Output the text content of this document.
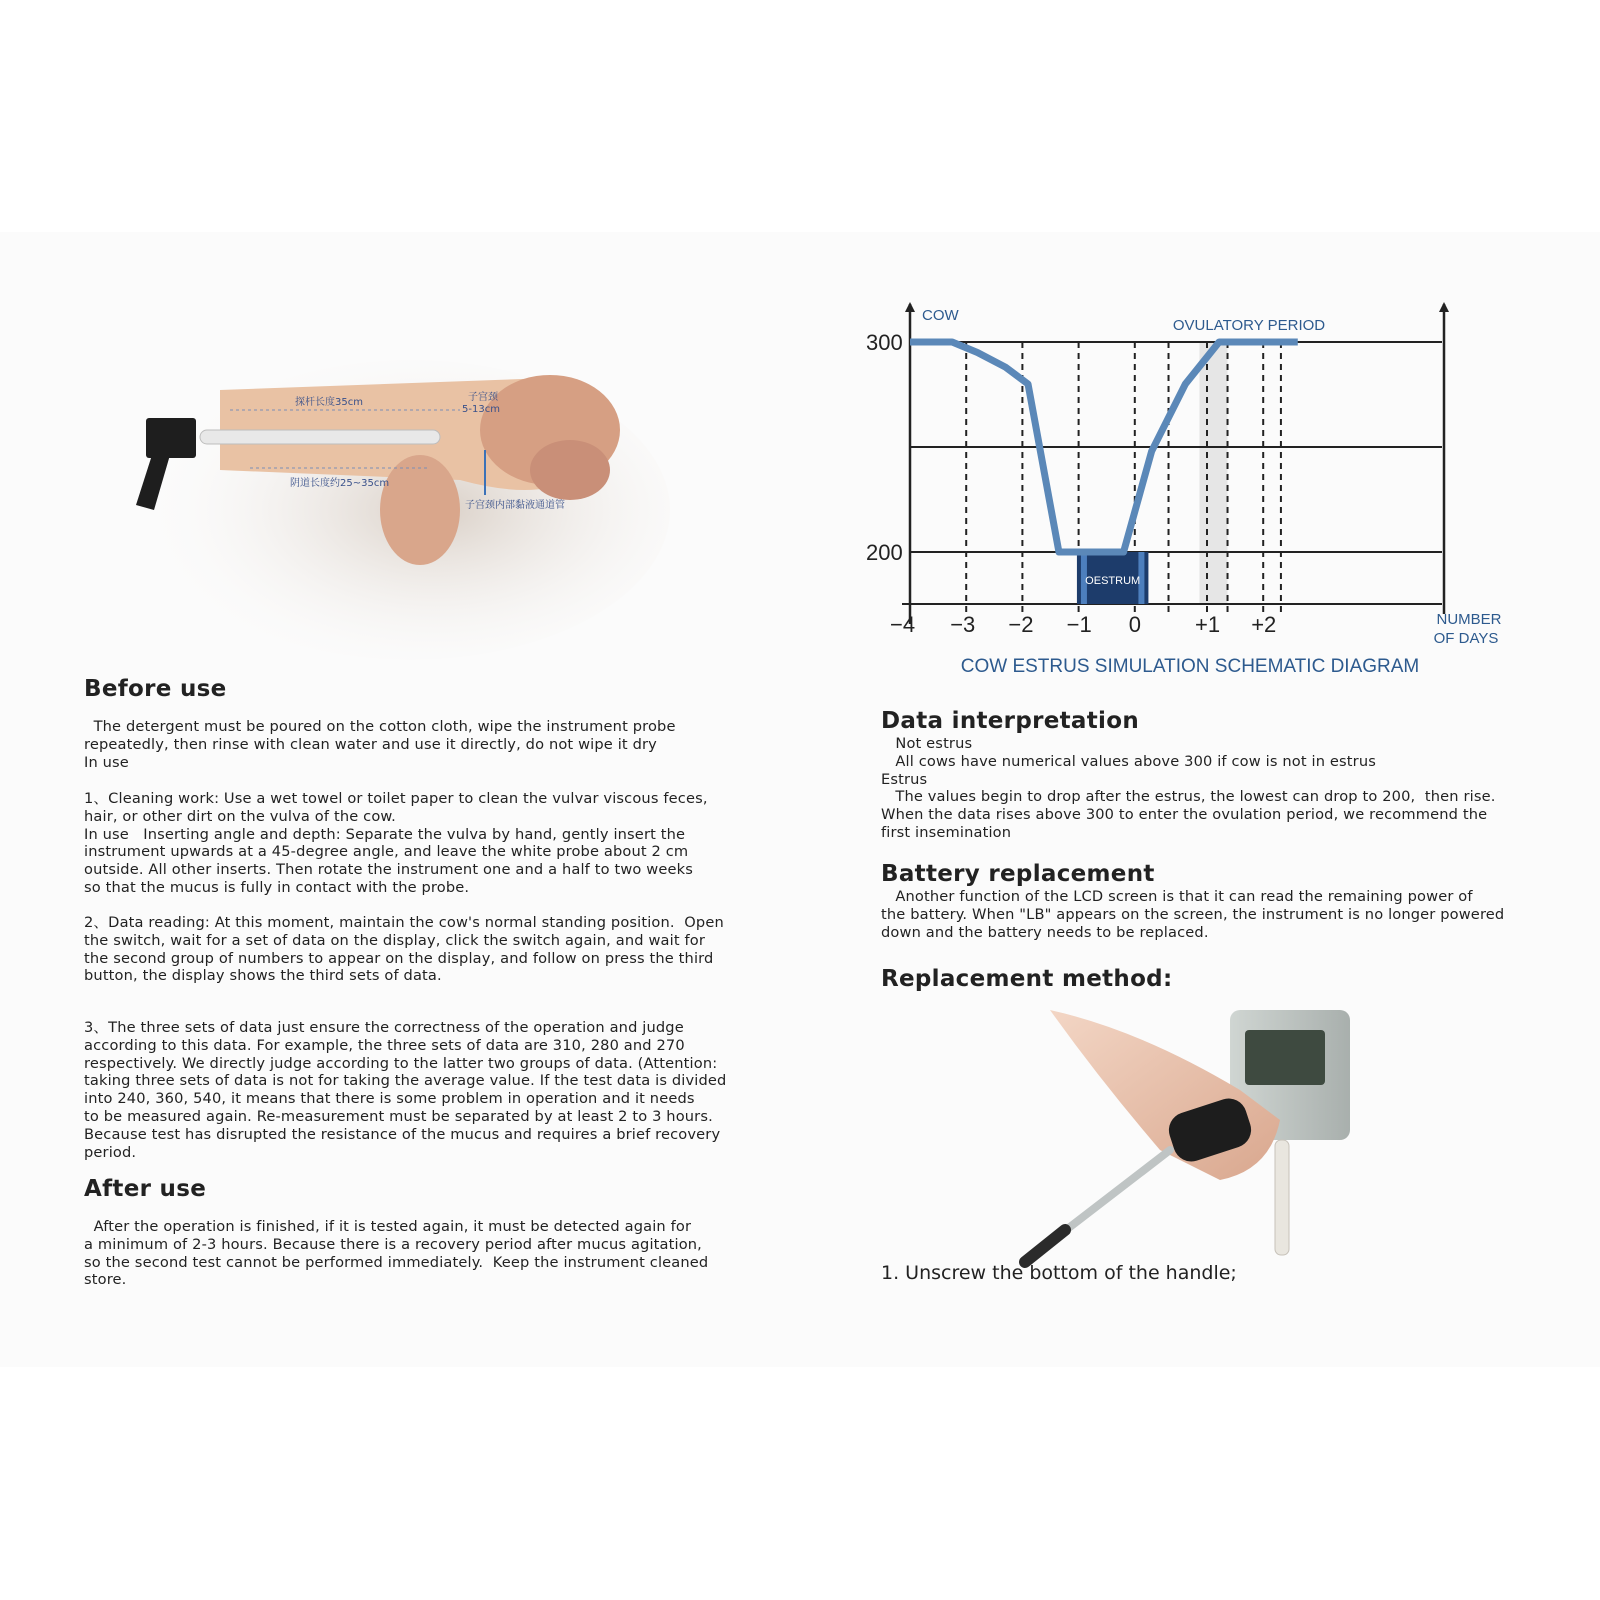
探杆长度35cm	子宫颈
5-13cm
阴道长度约25~35cm
子宫颈内部黏液通道管
Before use

The detergent must be poured on the cotton cloth, wipe the instrument probe
repeatedly, then rinse with clean water and use it directly, do not wipe it dry
In use

1、Cleaning work: Use a wet towel or toilet paper to clean the vulvar viscous feces,
hair, or other dirt on the vulva of the cow.
In use   Inserting angle and depth: Separate the vulva by hand, gently insert the
instrument upwards at a 45-degree angle, and leave the white probe about 2 cm
outside. All other inserts. Then rotate the instrument one and a half to two weeks
so that the mucus is fully in contact with the probe.

2、Data reading: At this moment, maintain the cow's normal standing position.  Open
the switch, wait for a set of data on the display, click the switch again, and wait for
the second group of numbers to appear on the display, and follow on press the third
button, the display shows the third sets of data.

3、The three sets of data just ensure the correctness of the operation and judge
according to this data. For example, the three sets of data are 310, 280 and 270
respectively. We directly judge according to the latter two groups of data. (Attention:
taking three sets of data is not for taking the average value. If the test data is divided
into 240, 360, 540, it means that there is some problem in operation and it needs
to be measured again. Re-measurement must be separated by at least 2 to 3 hours.
Because test has disrupted the resistance of the mucus and requires a brief recovery
period.

After use

After the operation is finished, if it is tested again, it must be detected again for
a minimum of 2-3 hours. Because there is a recovery period after mucus agitation,
so the second test cannot be performed immediately.  Keep the instrument cleaned
store.

OESTRUM
−4 −3 −2 −1 0 +1 +2
300
200
COW
OVULATORY PERIOD
NUMBER
OF DAYS
COW ESTRUS SIMULATION SCHEMATIC DIAGRAM
Data interpretation

Not estrus
All cows have numerical values above 300 if cow is not in estrus
Estrus
The values begin to drop after the estrus, the lowest can drop to 200,  then rise.
When the data rises above 300 to enter the ovulation period, we recommend the
first insemination

Battery replacement

Another function of the LCD screen is that it can read the remaining power of
the battery. When "LB" appears on the screen, the instrument is no longer powered
down and the battery needs to be replaced.

Replacement method:

1. Unscrew the bottom of the handle;
